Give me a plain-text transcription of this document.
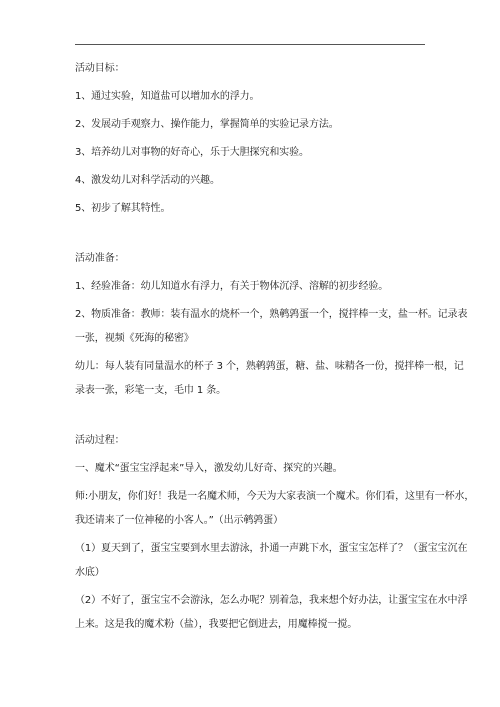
活动目标：
1、通过实验，知道盐可以增加水的浮力。
2、发展动手观察力、操作能力，掌握简单的实验记录方法。
3、培养幼儿对事物的好奇心，乐于大胆探究和实验。
4、激发幼儿对科学活动的兴趣。
5、初步了解其特性。
活动准备：
1、经验准备：幼儿知道水有浮力，有关于物体沉浮、溶解的初步经验。
2、物质准备：教师：装有温水的烧杯一个，熟鹌鹑蛋一个，搅拌棒一支，盐一杯。记录表
一张，视频《死海的秘密》
幼儿：每人装有同量温水的杯子 3 个，熟鹌鹑蛋，糖、盐、味精各一份，搅拌棒一根，记
录表一张，彩笔一支，毛巾 1 条。
活动过程：
一、魔术“蛋宝宝浮起来”导入，激发幼儿好奇、探究的兴趣。
师:小朋友，你们好！我是一名魔术师，今天为大家表演一个魔术。你们看，这里有一杯水，
我还请来了一位神秘的小客人。”（出示鹌鹑蛋）
（1）夏天到了，蛋宝宝要到水里去游泳，扑通一声跳下水，蛋宝宝怎样了？（蛋宝宝沉在
水底）
（2）不好了，蛋宝宝不会游泳，怎么办呢？别着急，我来想个好办法，让蛋宝宝在水中浮
上来。这是我的魔术粉（盐），我要把它倒进去，用魔棒搅一搅。
